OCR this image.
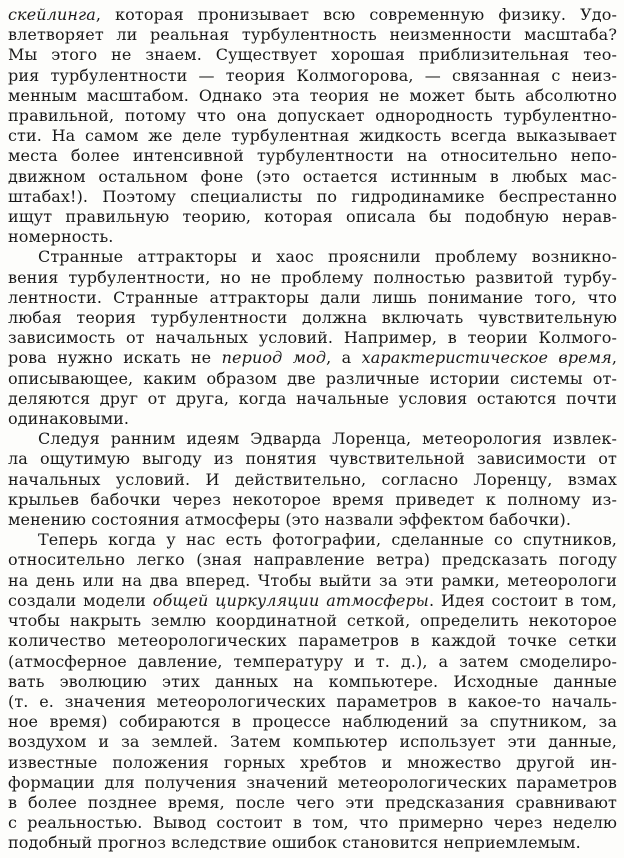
скейлинга, которая пронизывает всю современную физику. Удо-
влетворяет ли реальная турбулентность неизменности масштаба?
Мы этого не знаем. Существует хорошая приблизительная тео-
рия турбулентности — теория Колмогорова, — связанная с неиз-
менным масштабом. Однако эта теория не может быть абсолютно
правильной, потому что она допускает однородность турбулентно-
сти. На самом же деле турбулентная жидкость всегда выказывает
места более интенсивной турбулентности на относительно непо-
движном остальном фоне (это остается истинным в любых мас-
штабах!). Поэтому специалисты по гидродинамике беспрестанно
ищут правильную теорию, которая описала бы подобную нерав-
номерность.
Странные аттракторы и хаос прояснили проблему возникно-
вения турбулентности, но не проблему полностью развитой турбу-
лентности. Странные аттракторы дали лишь понимание того, что
любая теория турбулентности должна включать чувствительную
зависимость от начальных условий. Например, в теории Колмого-
рова нужно искать не период мод, а характеристическое время,
описывающее, каким образом две различные истории системы от-
деляются друг от друга, когда начальные условия остаются почти
одинаковыми.
Следуя ранним идеям Эдварда Лоренца, метеорология извлек-
ла ощутимую выгоду из понятия чувствительной зависимости от
начальных условий. И действительно, согласно Лоренцу, взмах
крыльев бабочки через некоторое время приведет к полному из-
менению состояния атмосферы (это назвали эффектом бабочки).
Теперь когда у нас есть фотографии, сделанные со спутников,
относительно легко (зная направление ветра) предсказать погоду
на день или на два вперед. Чтобы выйти за эти рамки, метеорологи
создали модели общей циркуляции атмосферы. Идея состоит в том,
чтобы накрыть землю координатной сеткой, определить некоторое
количество метеорологических параметров в каждой точке сетки
(атмосферное давление, температуру и т. д.), а затем смоделиро-
вать эволюцию этих данных на компьютере. Исходные данные
(т. е. значения метеорологических параметров в какое-то началь-
ное время) собираются в процессе наблюдений за спутником, за
воздухом и за землей. Затем компьютер использует эти данные,
известные положения горных хребтов и множество другой ин-
формации для получения значений метеорологических параметров
в более позднее время, после чего эти предсказания сравнивают
с реальностью. Вывод состоит в том, что примерно через неделю
подобный прогноз вследствие ошибок становится неприемлемым.
